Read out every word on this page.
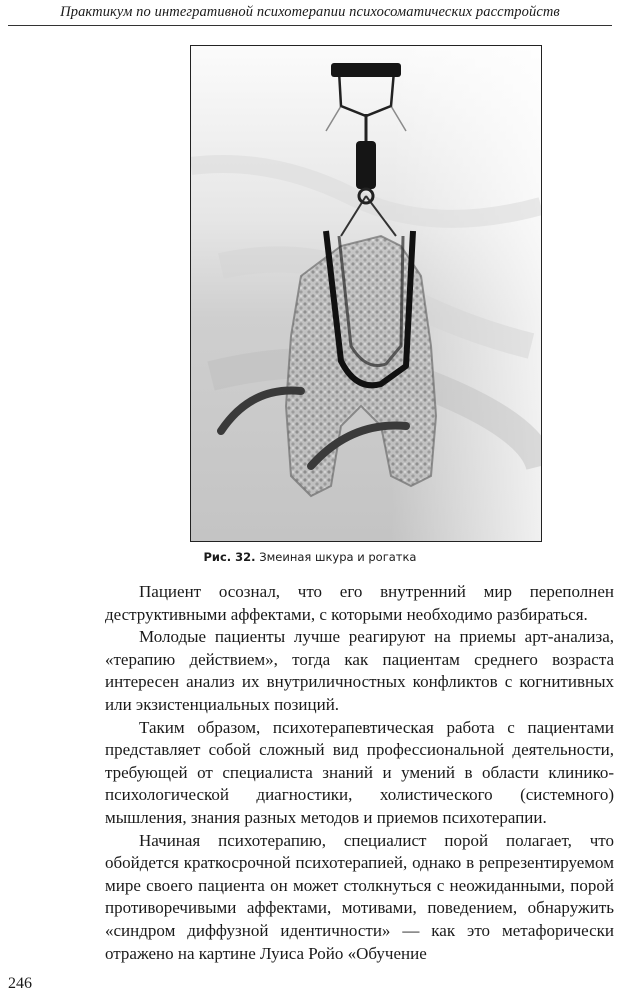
Практикум по интегративной психотерапии психосоматических расстройств
Рис. 32. Змеиная шкура и рогатка

Пациент осознал, что его внутренний мир переполнен деструктивными аффектами, с которыми необходимо разбираться.

Молодые пациенты лучше реагируют на приемы арт-анализа, «терапию действием», тогда как пациентам среднего возраста интересен анализ их внутриличностных конфликтов с когнитивных или экзистенциальных позиций.

Таким образом, психотерапевтическая работа с пациентами представляет собой сложный вид профессиональной деятельности, требующей от специалиста знаний и умений в области клинико-психологической диагностики, холистического (системного) мышления, знания разных методов и приемов психотерапии.

Начиная психотерапию, специалист порой полагает, что обойдется краткосрочной психотерапией, однако в репрезентируемом мире своего пациента он может столкнуться с неожиданными, порой противоречивыми аффектами, мотивами, поведением, обнаружить «синдром диффузной идентичности» — как это метафорически отражено на картине Луиса Ройо «Обучение

246
